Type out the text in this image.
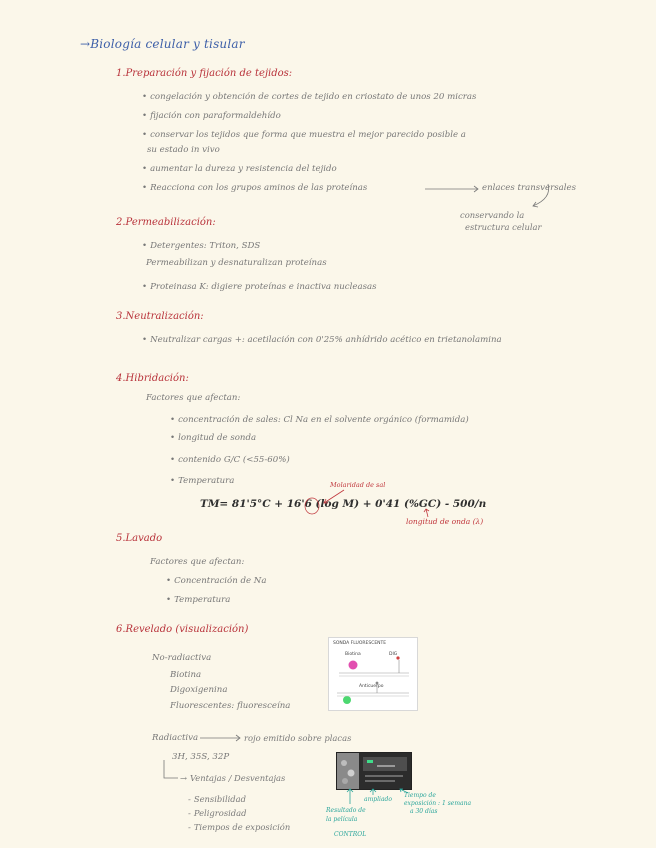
→Biología celular y tisular
1.Preparación y fijación de tejidos:
• congelación y obtención de cortes de tejido en criostato de unos 20 micras
• fijación con paraformaldehído
• conservar los tejidos que forma que muestra el mejor parecido posible a
su estado in vivo
• aumentar la dureza y resistencia del tejido
• Reacciona con los grupos aminos de las proteínas	enlaces transversales
conservando la
estructura celular
2.Permeabilización:
• Detergentes: Triton, SDS
Permeabilizan y desnaturalizan proteínas
• Proteinasa K: digiere proteínas e inactiva nucleasas
3.Neutralización:
• Neutralizar cargas +: acetilación con 0'25% anhídrido acético en trietanolamina
4.Hibridación:
Factores que afectan:
• concentración de sales: Cl Na en el solvente orgánico (formamida)
• longitud de sonda
• contenido G/C (<55-60%)
• Temperatura	Molaridad de sal
TM= 81'5°C + 16'6 (log M) + 0'41 (%GC) - 500/n
longitud de onda (λ)
5.Lavado
Factores que afectan:
• Concentración de Na
• Temperatura
6.Revelado (visualización)
No-radiactiva
Biotina
Digoxigenina
Fluorescentes: fluoresceína
Radiactiva	rojo emitido sobre placas
3H, 35S, 32P
→ Ventajas / Desventajas
- Sensibilidad
- Peligrosidad
- Tiempos de exposición
SONDA FLUORESCENTE
Biotina	DIG
Anticuerpo
ampliado
Tiempo de
exposición : 1 semana
a 30 días
Resultado de
la película
CONTROL
